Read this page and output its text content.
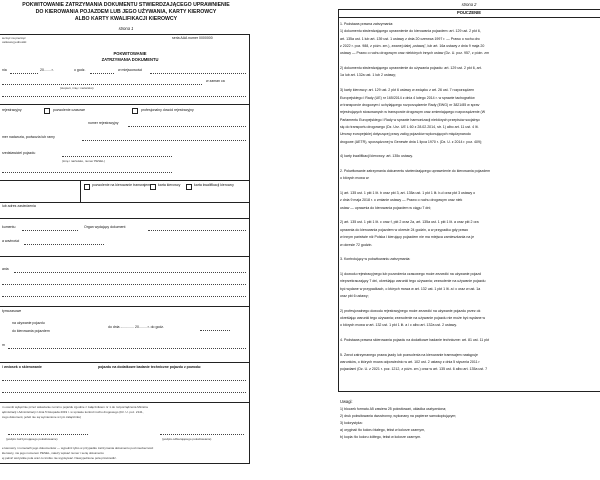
POKWITOWANIE ZATRZYMANIA DOKUMENTU STWIERDZAJĄCEGO UPRAWNIENIE
DO KIEROWANIA POJAZDEM LUB JEGO UŻYWANIA, KARTY KIEROWCY
ALBO KARTY KWALIFIKACJI KIEROWCY
strona 1
ieczęć na pieczęć
ostkowej jednostki
seria AAA numer 0000000
POKWITOWANIE
ZATRZYMANIA DOKUMENTU
nia	20....... r.	o godz.	w miejscowości
w zaman ca
(stopień, imię i nazwisko)
rejestracyjny	pozwolenie czasowe	profesjonalny dowód rejestracyjny
numer rejestracyjny
mer nadwozia, podwozia lub ramy
rzedstawiciel pojazdu
(imię i nazwisko, numer PESEL)
pozwolenie na kierowanie tramwajem karta kierowcy	karta kwalifikacji kierowcy
lub adres zasiedzenia
kumentu	Organ wydający dokument
a ważności
ania
tymczasowe
na używanie pojazdu
do kierowania pojazdem
do dnia .............. 20........ r. do godz.
m
/ wniosek o skierowanie	pojazdu na dodatkowe badanie techniczne pojazdu z powodu:
m oceniti wyłącznie przez wskazanie nomrnu pojazdu zgodnie z załącznikiem nr 1 do rozporządzenia Ministra
ądmistracji i Administracji z dnia 5 listopada 2019 r. w sprawie kontroli ruchu drogowego (Dz. U. poz. 2141,
zego dokument, jeżeli nie są wymienione w tym załączniku)
(podpis zatrzymującego pokwitowanie)	(podpis odbierającego pokwitowanie)
e kierowcy i numerach jego dokumentów — wypełnić tylko w przypadku zatrzymania dokumentu pod nieobecność
kierowcy, nie jego numerem PESEL, należy wpisać numer i serię dokumentu
ej pełnić wszystkie pola oraz co krótko nie wypisywać. Niewypełnione pola przekreślić.
strona 2
POUCZENIE
1. Podstawa prawna zatrzymania:
1) dokumentu stwierdzającego uprawnienie do kierowania pojazdem: art. 129 ust. 2 pkt 6,
art. 135a ust. 1 lub art. 139 ust. 1 ustawy z dnia 20 czerwca 1997 r. — Prawo o ruchu dro
z 2022 r. poz. 988, z późn. zm.), zwanej dalej „ustawą”, lub art. 16a ustawy z dnia 9 maja 20
ustawy — Prawo o ruchu drogowym oraz niektórych innych ustaw (Dz. U. poz. 957, z późn. zm
2) dokumentu stwierdzającego uprawnienie do używania pojazdu: art. 129 ust. 2 pkt 6, art.
1a lub art. 132a ust. 1 lub 2 ustawy;
3) karty kierowcy: art. 129 ust. 2 pkt 6 ustawy w związku z art. 26 ust. 7 rozporządzen
Europejskiego i Rady (UE) nr 165/2014 z dnia 4 lutego 2014 r. w sprawie tachografów
w transporcie drogowym i uchylającego rozporządzenie Rady (EWG) nr 3821/85 w sprav
rejestrujących stosowanych w transporcie drogowym oraz zmieniającego rozporządzenie (W
Parlamentu Europejskiego i Rady w sprawie harmonizacji niektórych przepisów socjalnyc
się do transportu drogowego (Dz. Urz. UE L 60 z 28.02.2014, str. 1) albo art. 11 ust. 4 lit.
Umowy europejskiej dotyczącej pracy załóg pojazdów wykonujących międzynarodo
drogowe (AETR), sporządzonej w Genewie dnia 1 lipca 1970 r. (Dz. U. z 2014 r. poz. 409);
4) karty kwalifikacji kierowcy: art. 135c ustawy.
2. Pokwitowanie zatrzymania dokumentu stwierdzającego uprawnienie do kierowania pojazdem
o których mowa w:
1) art. 135 ust. 1 pkt 1 lit. b oraz pkt 3, art. 135a ust. 1 pkt 1 lit. b-d oraz pkt 3 ustawy o
z dnia 9 maja 2018 r. o zmianie ustawy — Prawo o ruchu drogowym oraz niek
ustaw — uprawnia do kierowania pojazdem w ciągu 7 dni;
2) art. 135 ust. 1 pkt 1 lit. c oraz f, pkt 2 oraz 2a, art. 135a ust. 1 pkt 1 lit. a oraz pkt 2 ora
uprawnia do kierowania pojazdem w okresie 24 godzin, a w przypadku gdy prawo
w innym państwie niż Polska i kierujący pojazdem nie ma miejsca zamieszkania na je
w okresie 72 godzin.
3. Kontrolujący w pokwitowaniu zatrzymania:
1) dowodu rejestracyjnego lub pozwolenia czasowego może zezwolić na używanie pojazd
nieprzekraczający 7 dni, określając warunki tego używania; zezwolenie na używanie pojazdu
być wydane w przypadkach, o których mowa w art. 132 ust. 1 pkt 1 lit. a i c oraz w ust. 1a
oraz pkt 6 ustawy;
2) profesjonalnego dowodu rejestracyjnego może zezwolić na używanie pojazdu przez ok
określając warunki tego używania; zezwolenie na używanie pojazdu nie może być wydane w
o których mowa w art. 132 ust. 1 pkt 1 lit. a i c albo art. 132a ust. 2 ustawy.
4. Podstawa prawna skierowania pojazdu na dodatkowe badanie techniczne: art. 81 ust. 11 pkt
5. Zwrot zatrzymanego prawa jazdy lub pozwolenia na kierowanie tramwajem następuje
warunków, o których mowa odpowiednio w art. 102 ust. 2 ustawy z dnia 5 stycznia 2011 r
pojazdami (Dz. U. z 2021 r. poz. 1212, z późn. zm.) oraz w art. 135 ust. 6 albo art. 135a ust. 7
Uwagi:
1) bloczek formatu A5 zawiera 25 pokwitowań, okładka usztywniona;
2) druk pokwitowania dwustronny, wykonany na papierze samokopiującym;
3) kolorystyka:
a) oryginał: tło koloru białego, tekst w kolorze czarnym,
b) kopia: tło koloru żółtego, tekst w kolorze czarnym.
